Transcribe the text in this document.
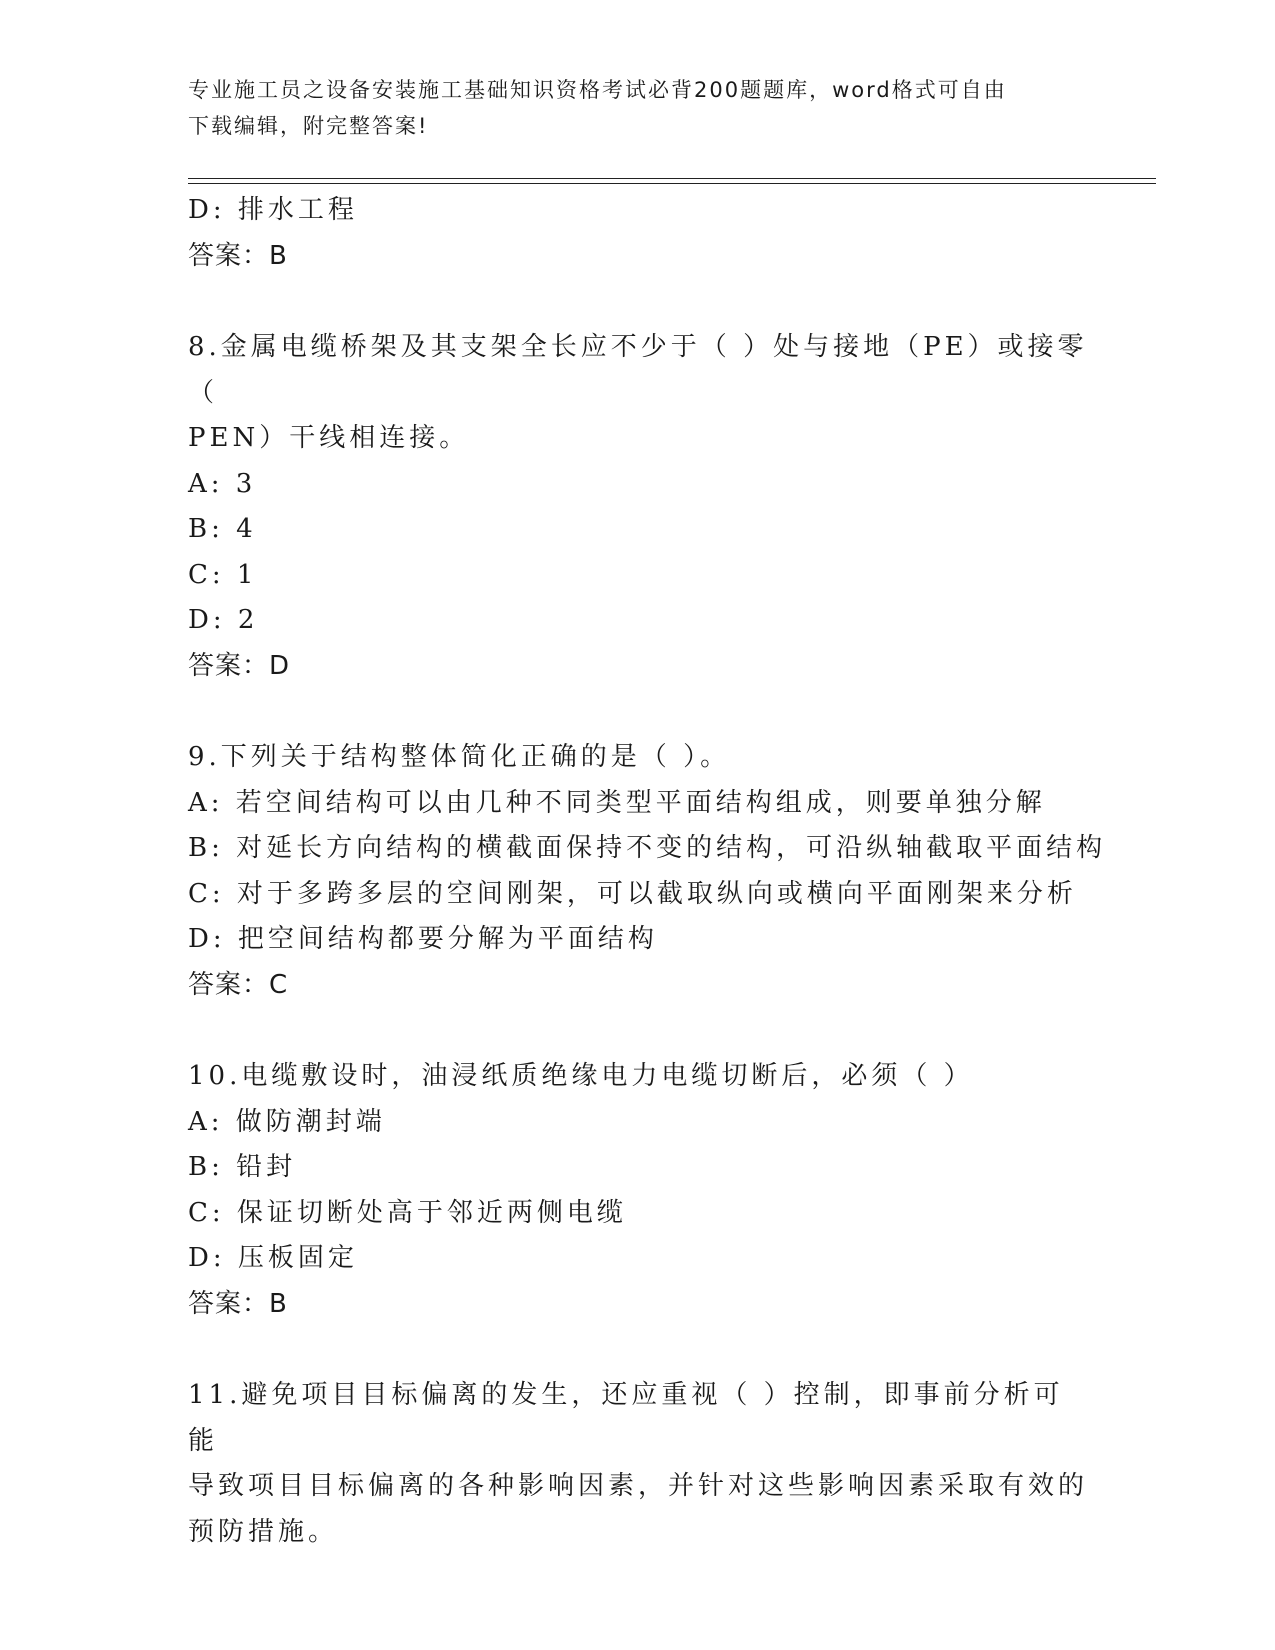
专业施工员之设备安装施工基础知识资格考试必背200题题库，word格式可自由
下载编辑，附完整答案!
D: 排水工程
答案：B
8.金属电缆桥架及其支架全长应不少于（ ）处与接地（PE）或接零（
PEN）干线相连接。
A: 3
B: 4
C: 1
D: 2
答案：D
9.下列关于结构整体简化正确的是（ ）。
A: 若空间结构可以由几种不同类型平面结构组成，则要单独分解
B: 对延长方向结构的横截面保持不变的结构，可沿纵轴截取平面结构
C: 对于多跨多层的空间刚架，可以截取纵向或横向平面刚架来分析
D: 把空间结构都要分解为平面结构
答案：C
10.电缆敷设时，油浸纸质绝缘电力电缆切断后，必须（ ）
A: 做防潮封端
B: 铅封
C: 保证切断处高于邻近两侧电缆
D: 压板固定
答案：B
11.避免项目目标偏离的发生，还应重视（ ）控制，即事前分析可能
导致项目目标偏离的各种影响因素，并针对这些影响因素采取有效的
预防措施。
